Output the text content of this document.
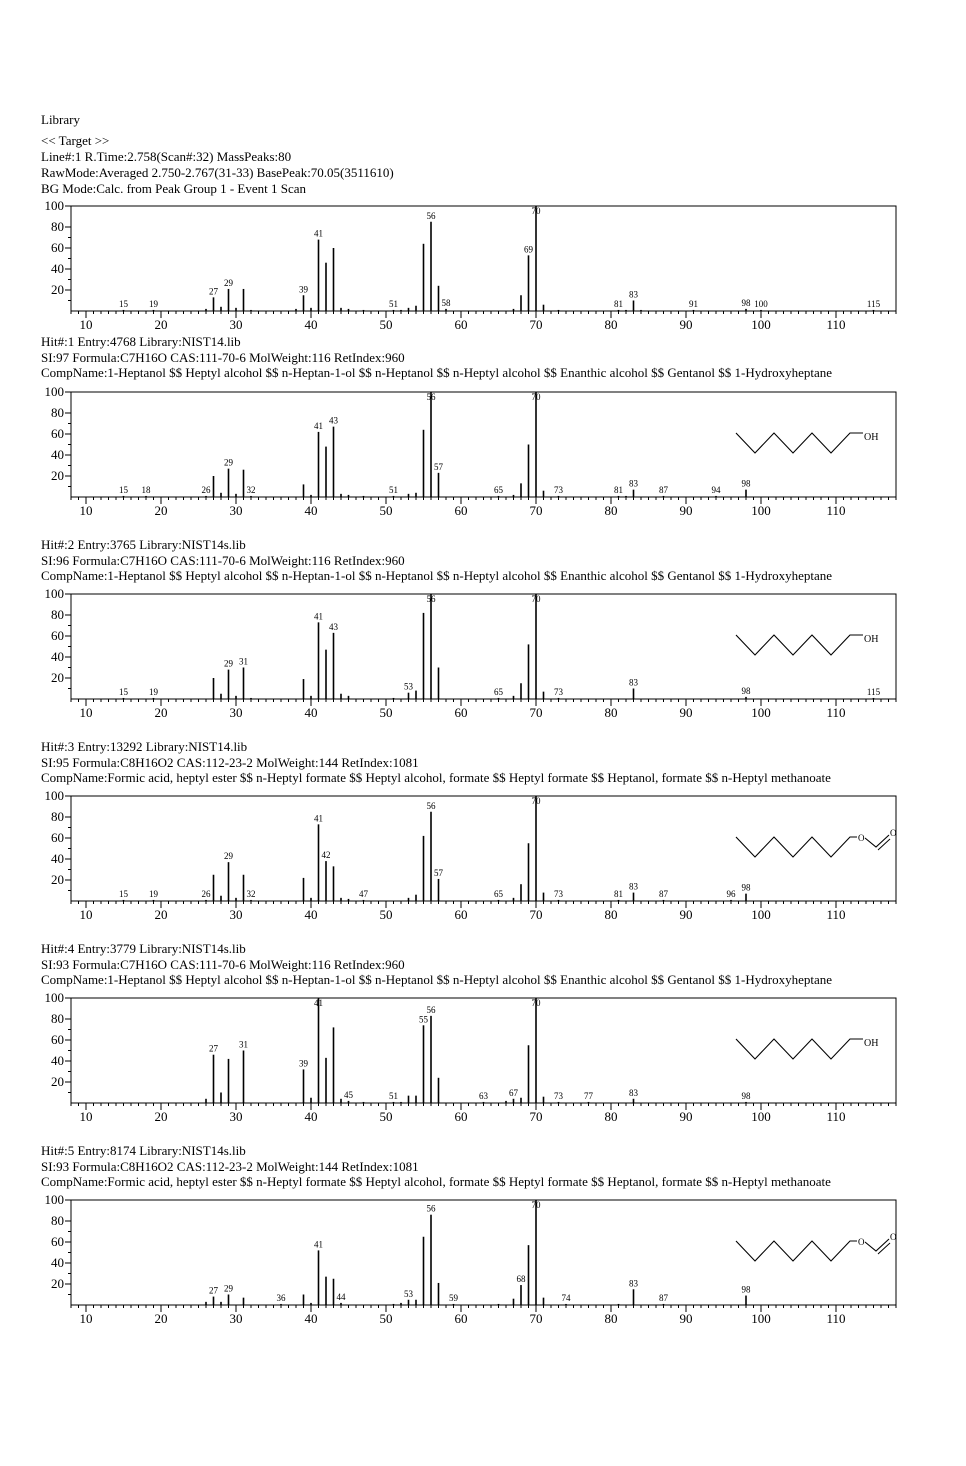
Library
<< Target >>
Line#:1 R.Time:2.758(Scan#:32) MassPeaks:80
RawMode:Averaged 2.750-2.767(31-33) BasePeak:70.05(3511610)
BG Mode:Calc. from Peak Group 1 - Event 1 Scan
20
40
60
80
100
10	20	30	40	50	60	70	80	90	100	110
15 19
27
29
39
41
51
56
58
69
70
81
83
91	98 100	115
Hit#:1 Entry:4768 Library:NIST14.lib
SI:97 Formula:C7H16O CAS:111-70-6 MolWeight:116 RetIndex:960
CompName:1-Heptanol $$ Heptyl alcohol $$ n-Heptan-1-ol $$ n-Heptanol $$ n-Heptyl alcohol $$ Enanthic alcohol $$ Gentanol $$ 1-Hydroxyheptane
20
40
60
80
100
10	20	30	40	50	60	70	80	90	100	110
15 18	26
29
32
41
43
51
56
57
65
70
73	81
83
87	94
98
OH
Hit#:2 Entry:3765 Library:NIST14s.lib
SI:96 Formula:C7H16O CAS:111-70-6 MolWeight:116 RetIndex:960
CompName:1-Heptanol $$ Heptyl alcohol $$ n-Heptan-1-ol $$ n-Heptanol $$ n-Heptyl alcohol $$ Enanthic alcohol $$ Gentanol $$ 1-Hydroxyheptane
20
40
60
80
100
10	20	30	40	50	60	70	80	90	100	110
15 19
29 31
41
43
53
56
65
70
73
83
98	115
OH
Hit#:3 Entry:13292 Library:NIST14.lib
SI:95 Formula:C8H16O2 CAS:112-23-2 MolWeight:144 RetIndex:1081
CompName:Formic acid, heptyl ester $$ n-Heptyl formate $$ Heptyl alcohol, formate $$ Heptyl formate $$ Heptanol, formate $$ n-Heptyl methanoate
20
40
60
80
100
10	20	30	40	50	60	70	80	90	100	110
15 19	26
29
32
41
42
47
56
57
65
70
73	81
83
87	96
98
O	O
Hit#:4 Entry:3779 Library:NIST14s.lib
SI:93 Formula:C7H16O CAS:111-70-6 MolWeight:116 RetIndex:960
CompName:1-Heptanol $$ Heptyl alcohol $$ n-Heptan-1-ol $$ n-Heptanol $$ n-Heptyl alcohol $$ Enanthic alcohol $$ Gentanol $$ 1-Hydroxyheptane
20
40
60
80
100
10	20	30	40	50	60	70	80	90	100	110
27 31
39
41
45	51
55
56
63 67
70
73 77	83	98
OH
Hit#:5 Entry:8174 Library:NIST14s.lib
SI:93 Formula:C8H16O2 CAS:112-23-2 MolWeight:144 RetIndex:1081
CompName:Formic acid, heptyl ester $$ n-Heptyl formate $$ Heptyl alcohol, formate $$ Heptyl formate $$ Heptanol, formate $$ n-Heptyl methanoate
20
40
60
80
100
10	20	30	40	50	60	70	80	90	100	110
27 29
36
41
44	53
56
59
68
70
74
83
87
98
O	O
